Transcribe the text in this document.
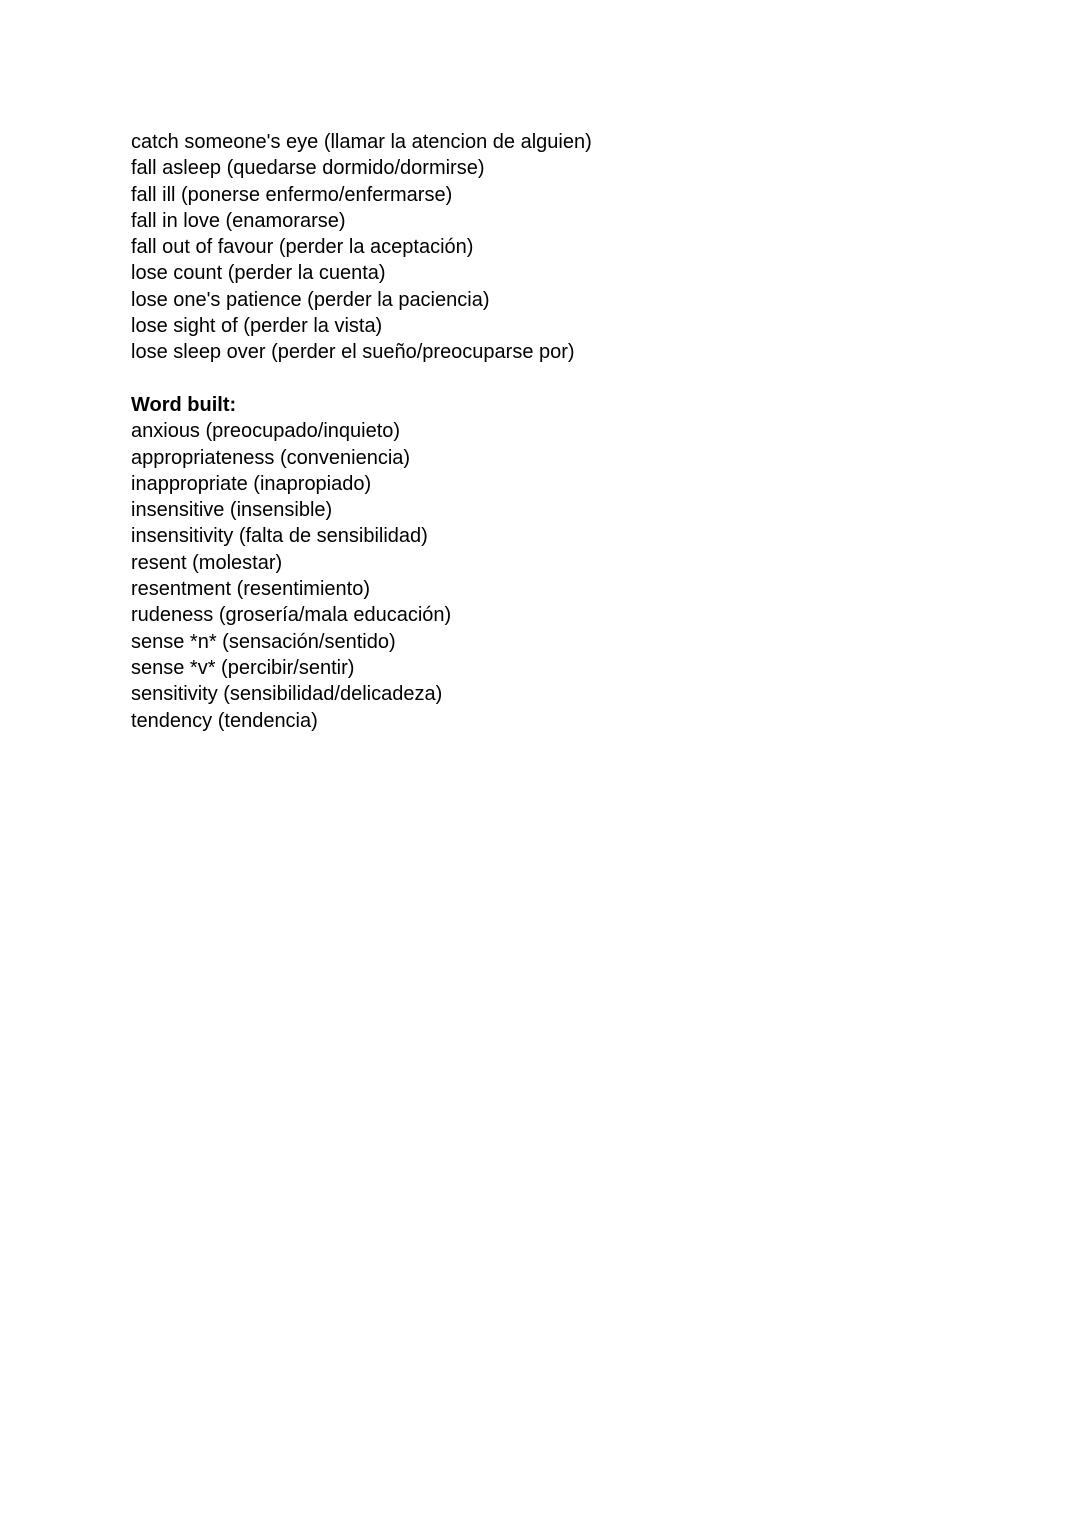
catch someone's eye (llamar la atencion de alguien)
fall asleep (quedarse dormido/dormirse)
fall ill (ponerse enfermo/enfermarse)
fall in love (enamorarse)
fall out of favour (perder la aceptación)
lose count (perder la cuenta)
lose one's patience (perder la paciencia)
lose sight of (perder la vista)
lose sleep over (perder el sueño/preocuparse por)
Word built:
anxious (preocupado/inquieto)
appropriateness (conveniencia)
inappropriate (inapropiado)
insensitive (insensible)
insensitivity (falta de sensibilidad)
resent (molestar)
resentment (resentimiento)
rudeness (grosería/mala educación)
sense *n* (sensación/sentido)
sense *v* (percibir/sentir)
sensitivity (sensibilidad/delicadeza)
tendency (tendencia)
